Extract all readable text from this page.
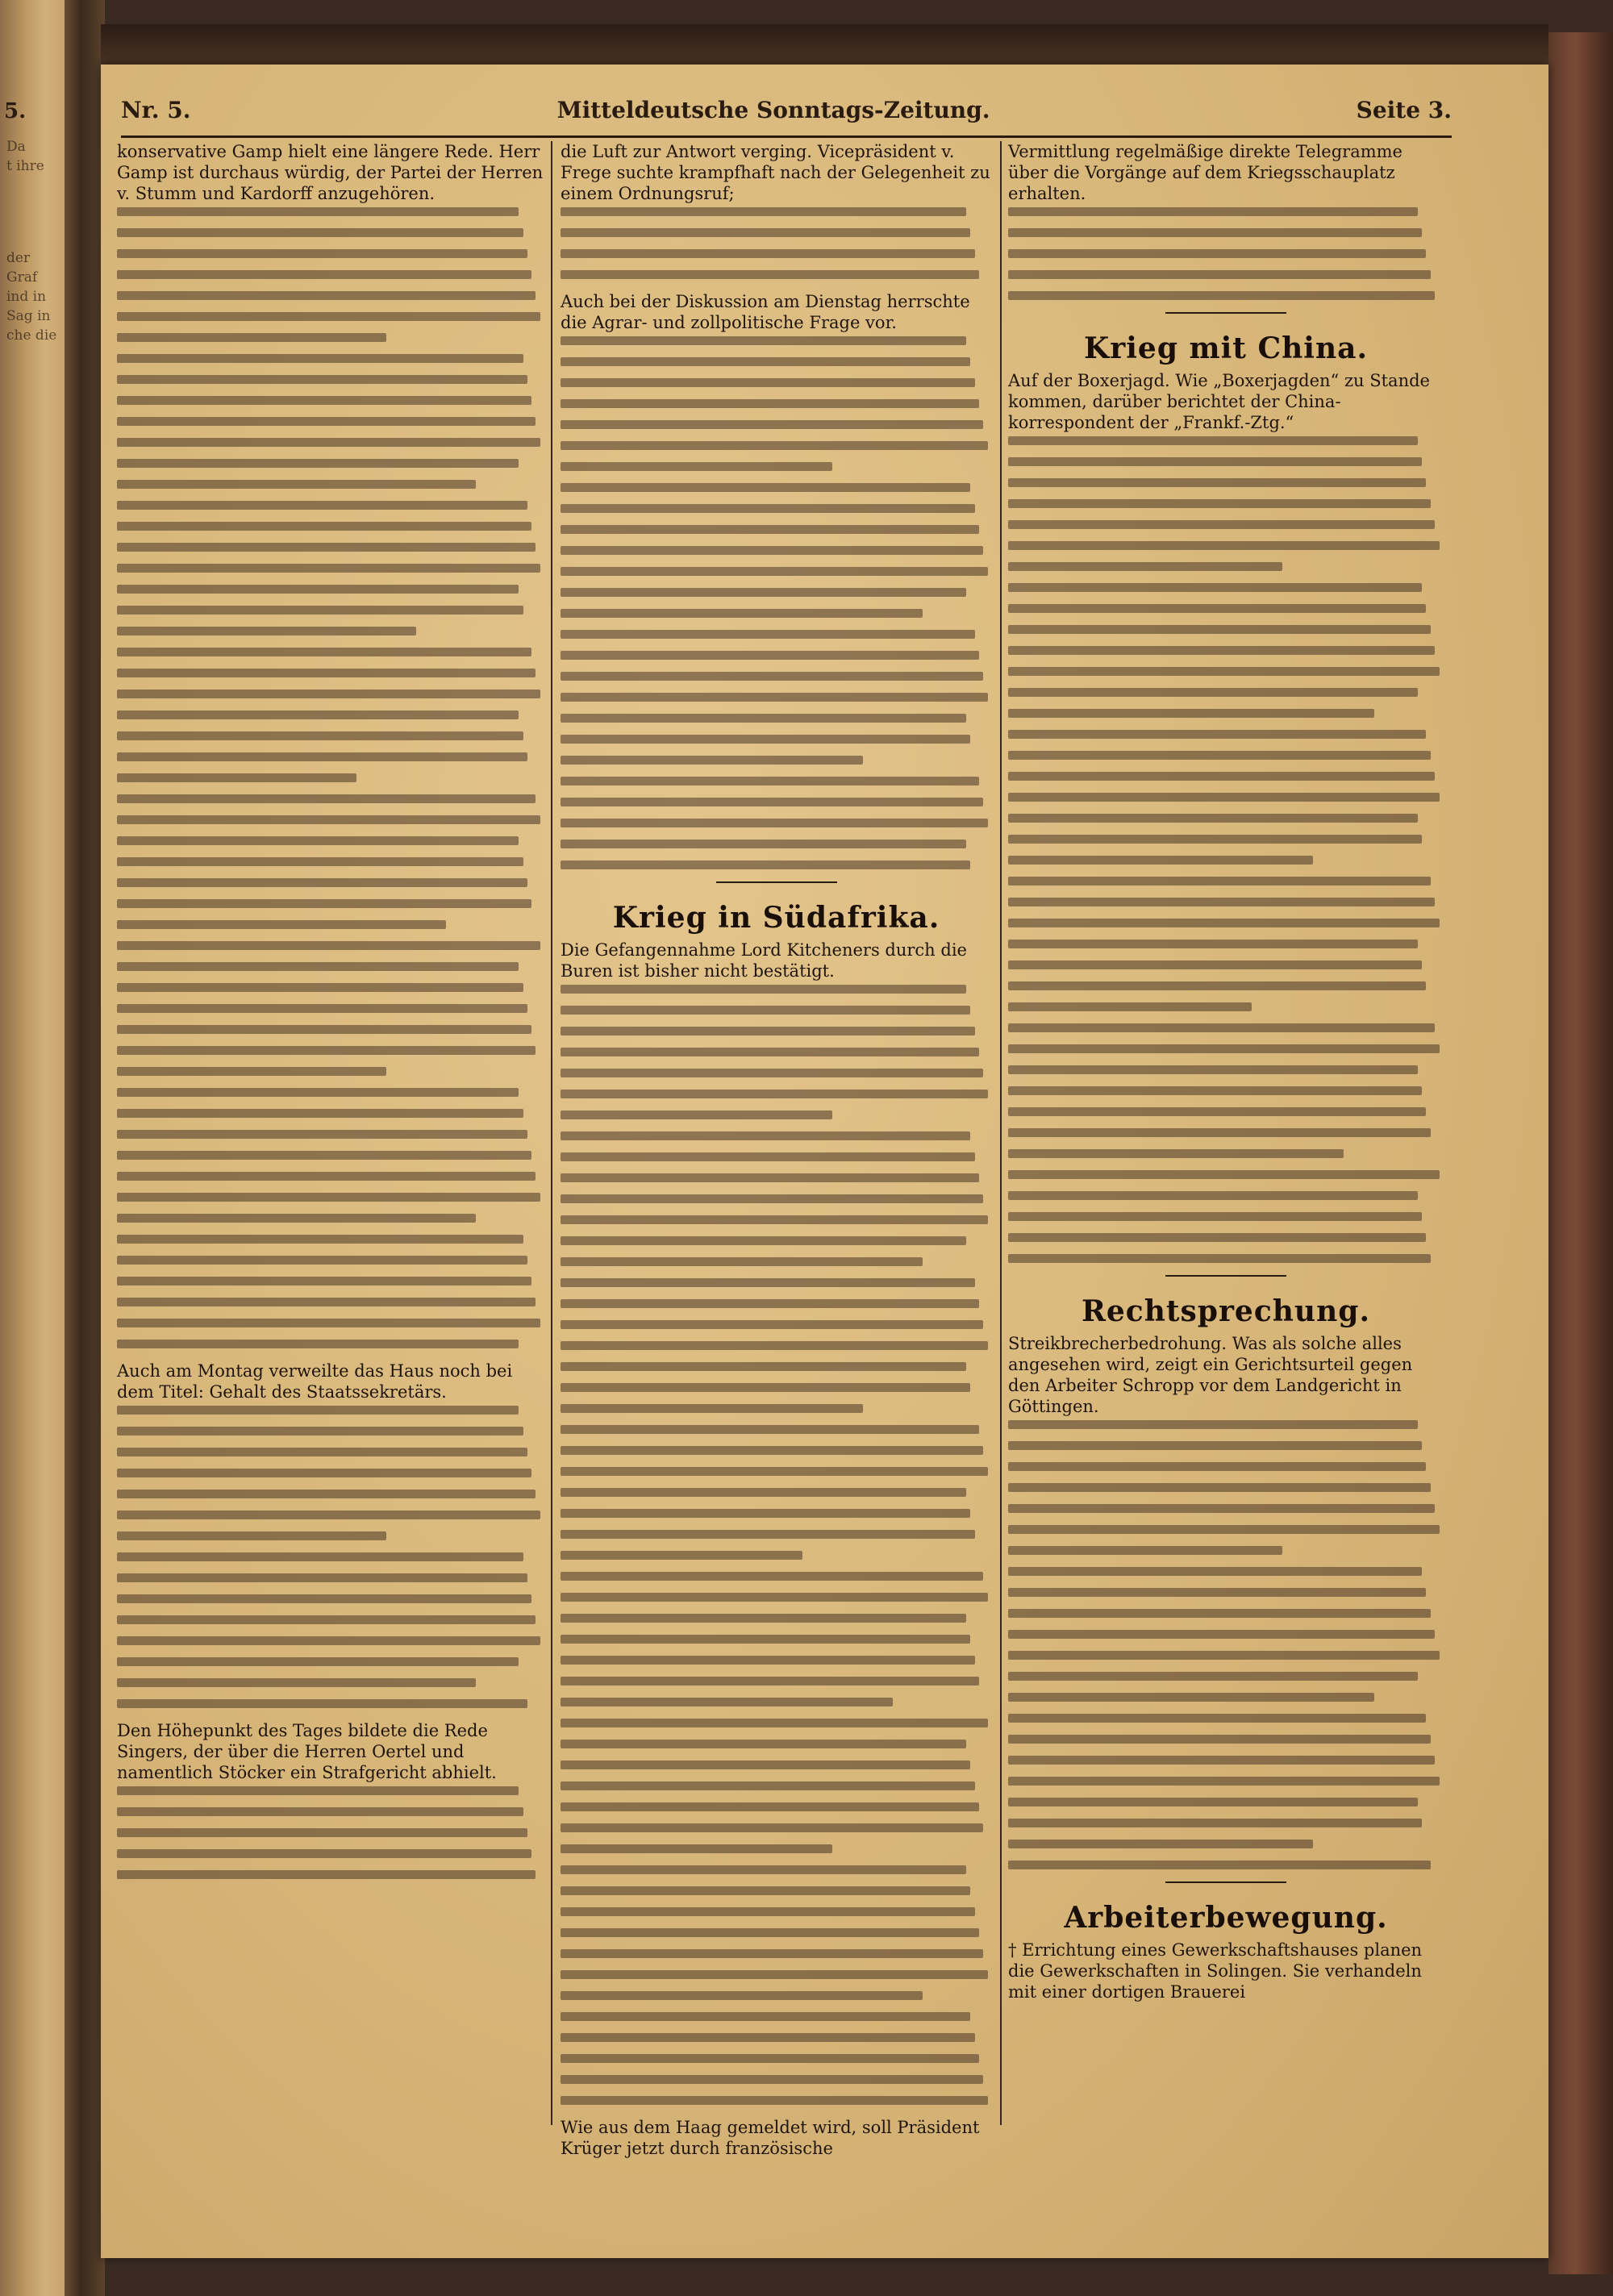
5.
Da
t ihre
der
Graf
ind in
Sag in
che die
Nr. 5.	Mitteldeutsche Sonntags-Zeitung.	Seite 3.

konservative Gamp hielt eine längere Rede. Herr Gamp ist durchaus würdig, der Partei der Herren v. Stumm und Kardorff anzugehören.

Auch am Montag verweilte das Haus noch bei dem Titel: Gehalt des Staatssekretärs.

Den Höhepunkt des Tages bildete die Rede Singers, der über die Herren Oertel und namentlich Stöcker ein Strafgericht abhielt.

die Luft zur Antwort verging. Vicepräsident v. Frege suchte krampfhaft nach der Gelegenheit zu einem Ordnungsruf;

Auch bei der Diskussion am Dienstag herrschte die Agrar- und zollpolitische Frage vor.

Krieg in Südafrika.

Die Gefangennahme Lord Kitcheners durch die Buren ist bisher nicht bestätigt.

Wie aus dem Haag gemeldet wird, soll Präsident Krüger jetzt durch französische

Vermittlung regelmäßige direkte Telegramme über die Vorgänge auf dem Kriegsschauplatz erhalten.

Krieg mit China.

Auf der Boxerjagd. Wie „Boxerjagden“ zu Stande kommen, darüber berichtet der China-korrespondent der „Frankf.-Ztg.“

Rechtsprechung.

Streikbrecherbedrohung. Was als solche alles angesehen wird, zeigt ein Gerichtsurteil gegen den Arbeiter Schropp vor dem Landgericht in Göttingen.

Arbeiterbewegung.

† Errichtung eines Gewerkschaftshauses planen die Gewerkschaften in Solingen. Sie verhandeln mit einer dortigen Brauerei
